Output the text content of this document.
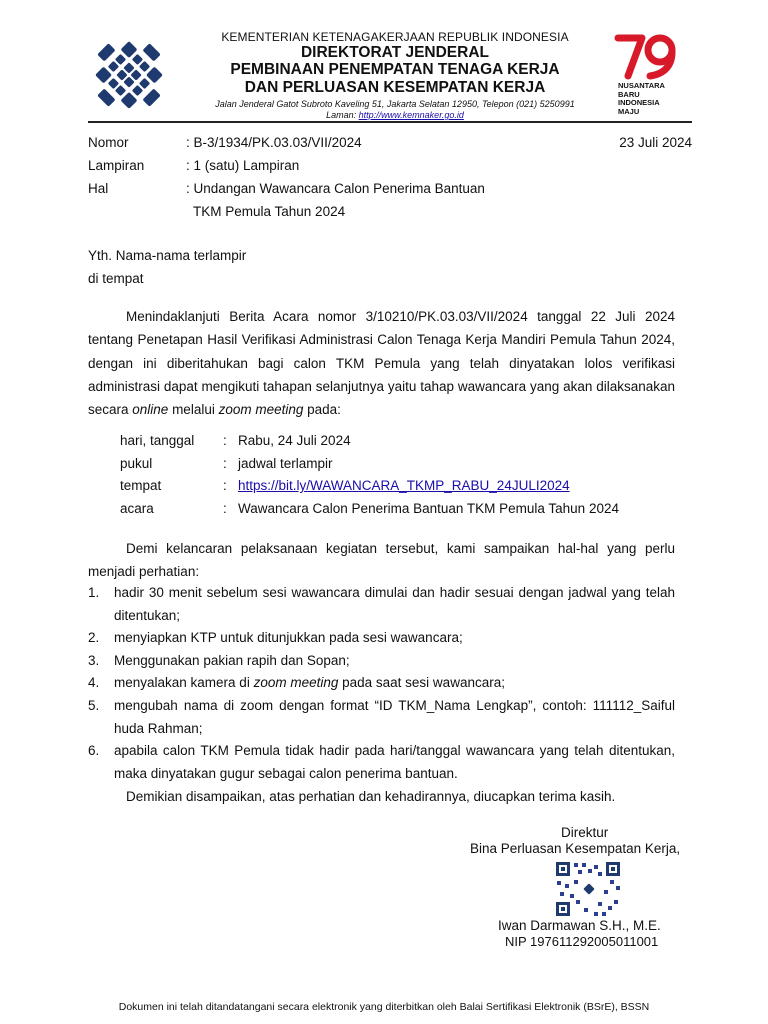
KEMENTERIAN KETENAGAKERJAAN REPUBLIK INDONESIA
DIREKTORAT JENDERAL
PEMBINAAN PENEMPATAN TENAGA KERJA
DAN PERLUASAN KESEMPATAN KERJA
Jalan Jenderal Gatot Subroto Kaveling 51, Jakarta Selatan 12950, Telepon (021) 5250991
Laman: http://www.kemnaker.go.id
NUSANTARA
BARU
INDONESIA
MAJU
Nomor	: B-3/1934/PK.03.03/VII/2024	23 Juli 2024
Lampiran	: 1 (satu) Lampiran
Hal	: Undangan Wawancara Calon Penerima Bantuan
TKM Pemula Tahun 2024
Yth. Nama-nama terlampir
di tempat
Menindaklanjuti Berita Acara nomor 3/10210/PK.03.03/VII/2024 tanggal 22 Juli 2024 tentang Penetapan Hasil Verifikasi Administrasi Calon Tenaga Kerja Mandiri Pemula Tahun 2024, dengan ini diberitahukan bagi calon TKM Pemula yang telah dinyatakan lolos verifikasi administrasi dapat mengikuti tahapan selanjutnya yaitu tahap wawancara yang akan dilaksanakan secara online melalui zoom meeting pada:
hari, tanggal : Rabu, 24 Juli 2024
pukul	: jadwal terlampir
tempat	: https://bit.ly/WAWANCARA_TKMP_RABU_24JULI2024
acara	: Wawancara Calon Penerima Bantuan TKM Pemula Tahun 2024
Demi kelancaran pelaksanaan kegiatan tersebut, kami sampaikan hal-hal yang perlu menjadi perhatian:
1. hadir 30 menit sebelum sesi wawancara dimulai dan hadir sesuai dengan jadwal yang telah ditentukan;
2. menyiapkan KTP untuk ditunjukkan pada sesi wawancara;
3. Menggunakan pakian rapih dan Sopan;
4. menyalakan kamera di zoom meeting pada saat sesi wawancara;
5. mengubah nama di zoom dengan format “ID TKM_Nama Lengkap”, contoh: 111112_Saiful huda Rahman;
6. apabila calon TKM Pemula tidak hadir pada hari/tanggal wawancara yang telah ditentukan, maka dinyatakan gugur sebagai calon penerima bantuan.
Demikian disampaikan, atas perhatian dan kehadirannya, diucapkan terima kasih.
Direktur
Bina Perluasan Kesempatan Kerja,
Iwan Darmawan S.H., M.E.
NIP 197611292005011001
Dokumen ini telah ditandatangani secara elektronik yang diterbitkan oleh Balai Sertifikasi Elektronik (BSrE), BSSN
